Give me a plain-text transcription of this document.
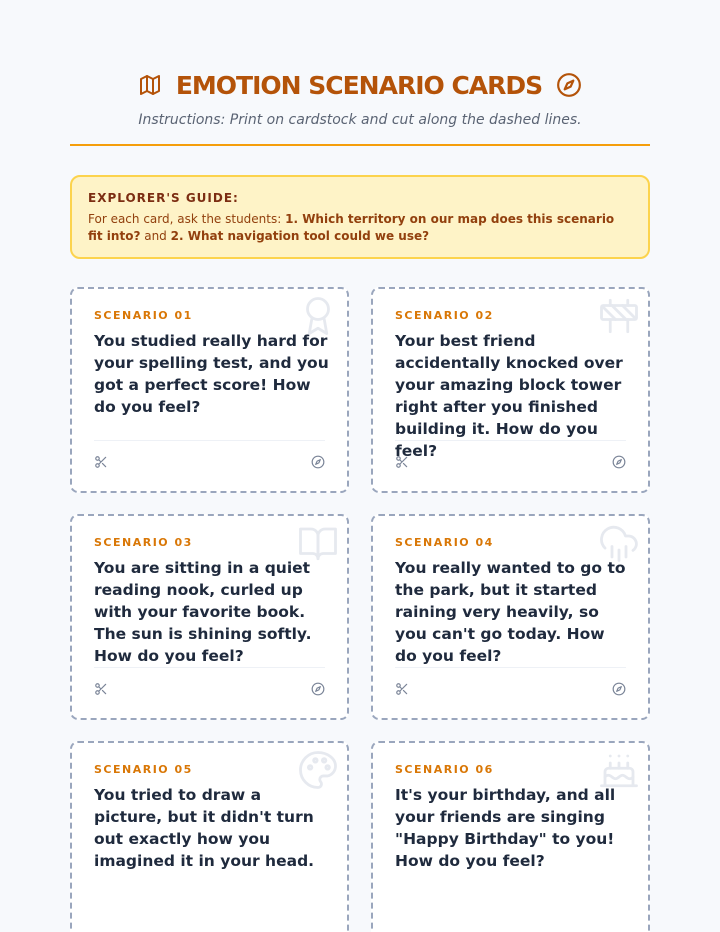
EMOTION SCENARIO CARDS
Instructions: Print on cardstock and cut along the dashed lines.
EXPLORER'S GUIDE:
For each card, ask the students: 1. Which territory on our map does this scenario fit into? and 2. What navigation tool could we use?
SCENARIO 01
You studied really hard for your spelling test, and you got a perfect score! How do you feel?
SCENARIO 02
Your best friend accidentally knocked over your amazing block tower right after you finished building it. How do you feel?
SCENARIO 03
You are sitting in a quiet reading nook, curled up with your favorite book. The sun is shining softly. How do you feel?
SCENARIO 04
You really wanted to go to the park, but it started raining very heavily, so you can't go today. How do you feel?
SCENARIO 05
You tried to draw a picture, but it didn't turn out exactly how you imagined it in your head.
SCENARIO 06
It's your birthday, and all your friends are singing "Happy Birthday" to you! How do you feel?
